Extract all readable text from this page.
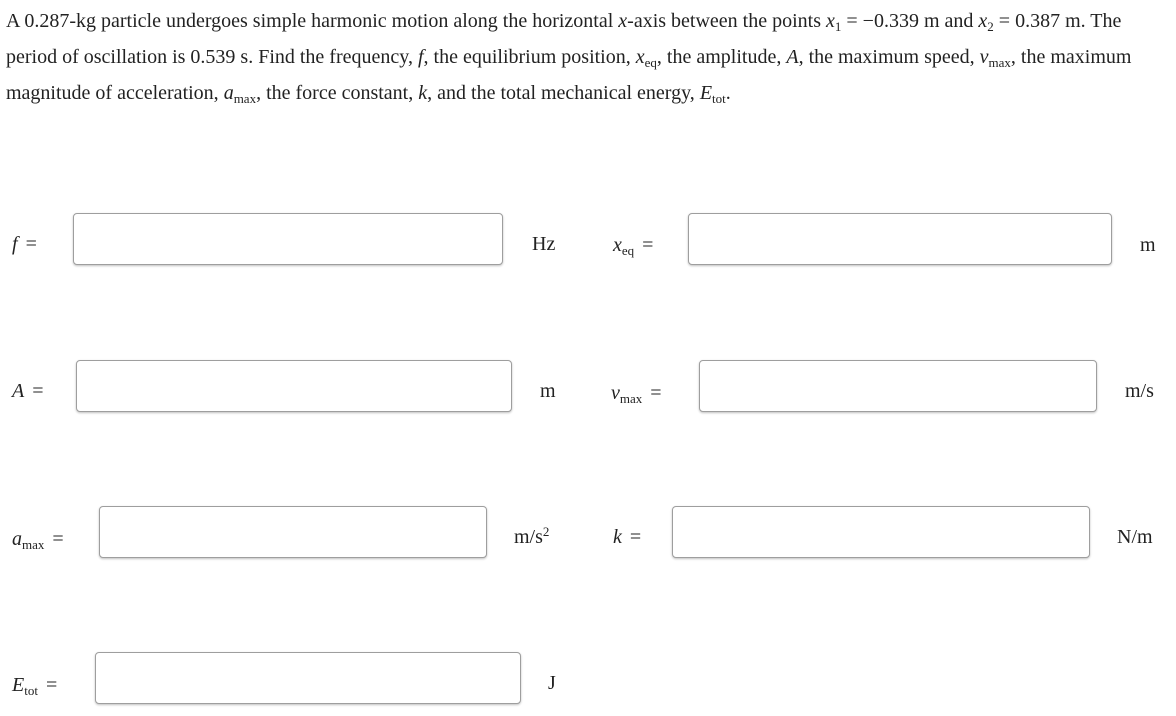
A 0.287-kg particle undergoes simple harmonic motion along the horizontal x-axis between the points $x_1 = -0.339$ m and $x_2 = 0.387$ m. The period of oscillation is 0.539 s. Find the frequency, f, the equilibrium position, $x_{eq}$, the amplitude, A, the maximum speed, $v_{max}$, the maximum magnitude of acceleration, $a_{max}$, the force constant, k, and the total mechanical energy, $E_{tot}$.

f =	Hz	$x_{eq}$ =	m
A =	m	$v_{max}$ =	m/s
$a_{max}$ =	$m/s^2$	k =	N/m
$E_{tot}$ =	J
